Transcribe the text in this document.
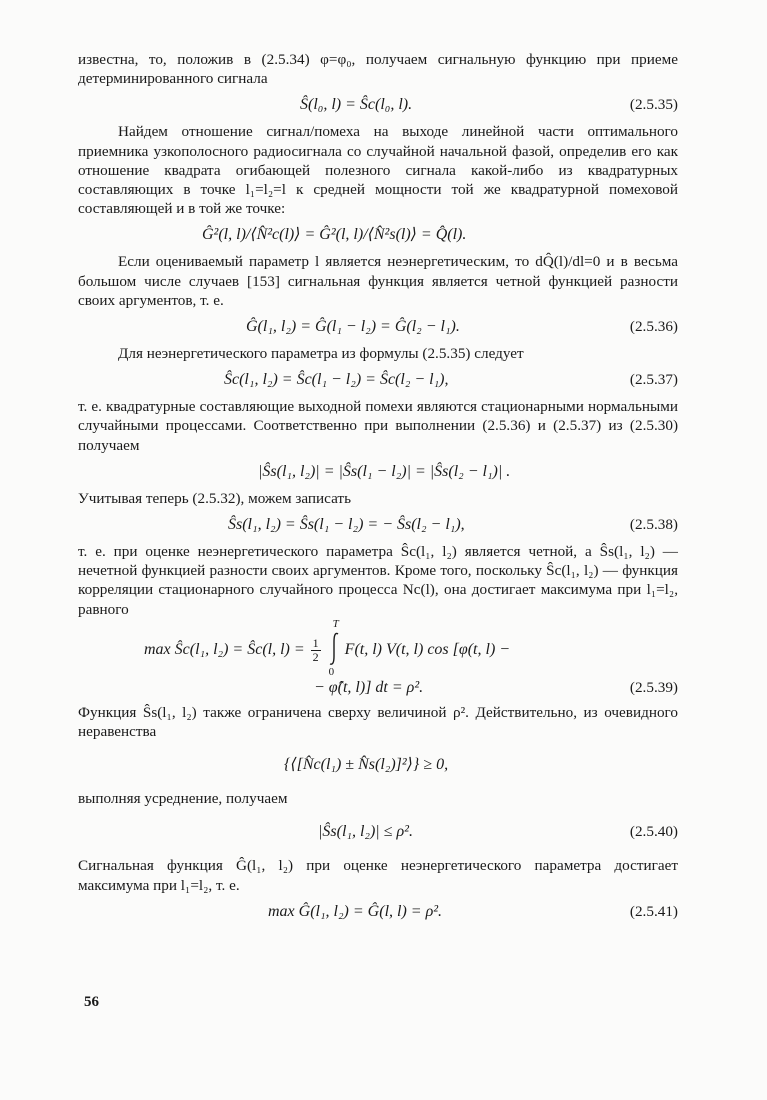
известна, то, положив в (2.5.34) φ=φ₀, получаем сигнальную функцию при приеме детерминированного сигнала

Ŝ(l₀, l) = Ŝc(l₀, l).	(2.5.35)

Найдем отношение сигнал/помеха на выходе линейной части оптимального приемника узкополосного радиосигнала со случайной начальной фазой, определив его как отношение квадрата огибающей полезного сигнала какой-либо из квадратурных составляющих в точке l₁=l₂=l к средней мощности той же квадратурной помеховой составляющей и в той же точке:

Ĝ²(l, l)/⟨N̂²c(l)⟩ = Ĝ²(l, l)/⟨N̂²s(l)⟩ = Q̂(l).

Если оцениваемый параметр l является неэнергетическим, то dQ̂(l)/dl=0 и в весьма большом числе случаев [153] сигнальная функция является четной функцией разности своих аргументов, т. е.

Ĝ(l₁, l₂) = Ĝ(l₁ − l₂) = Ĝ(l₂ − l₁).	(2.5.36)

Для неэнергетического параметра из формулы (2.5.35) следует

Ŝc(l₁, l₂) = Ŝc(l₁ − l₂) = Ŝc(l₂ − l₁),	(2.5.37)

т. е. квадратурные составляющие выходной помехи являются стационарными нормальными случайными процессами. Соответственно при выполнении (2.5.36) и (2.5.37) из (2.5.30) получаем

|Ŝs(l₁, l₂)| = |Ŝs(l₁ − l₂)| = |Ŝs(l₂ − l₁)| .

Учитывая теперь (2.5.32), можем записать

Ŝs(l₁, l₂) = Ŝs(l₁ − l₂) = − Ŝs(l₂ − l₁),	(2.5.38)

т. е. при оценке неэнергетического параметра Ŝc(l₁, l₂) является четной, а Ŝs(l₁, l₂) — нечетной функцией разности своих аргументов. Кроме того, поскольку Ŝc(l₁, l₂) — функция корреляции стационарного случайного процесса Nc(l), она достигает максимума при l₁=l₂, равного

max Ŝc(l₁, l₂) = Ŝc(l, $l) = \frac{1}{2}$

T
0
F(t, l) V(t, l) cos [φ(t, l) −
− φ̂(t, l)] dt = ρ².	(2.5.39)

Функция Ŝs(l₁, l₂) также ограничена сверху величиной ρ². Действительно, из очевидного неравенства

{⟨[N̂c(l₁) ± N̂s(l₂)]²⟩} ≥ 0,

выполняя усреднение, получаем

|Ŝs(l₁, l₂)| ≤ ρ².	(2.5.40)

Сигнальная функция Ĝ(l₁, l₂) при оценке неэнергетического параметра достигает максимума при l₁=l₂, т. е.

max Ĝ(l₁, l₂) = Ĝ(l, l) = ρ².	(2.5.41)
56
